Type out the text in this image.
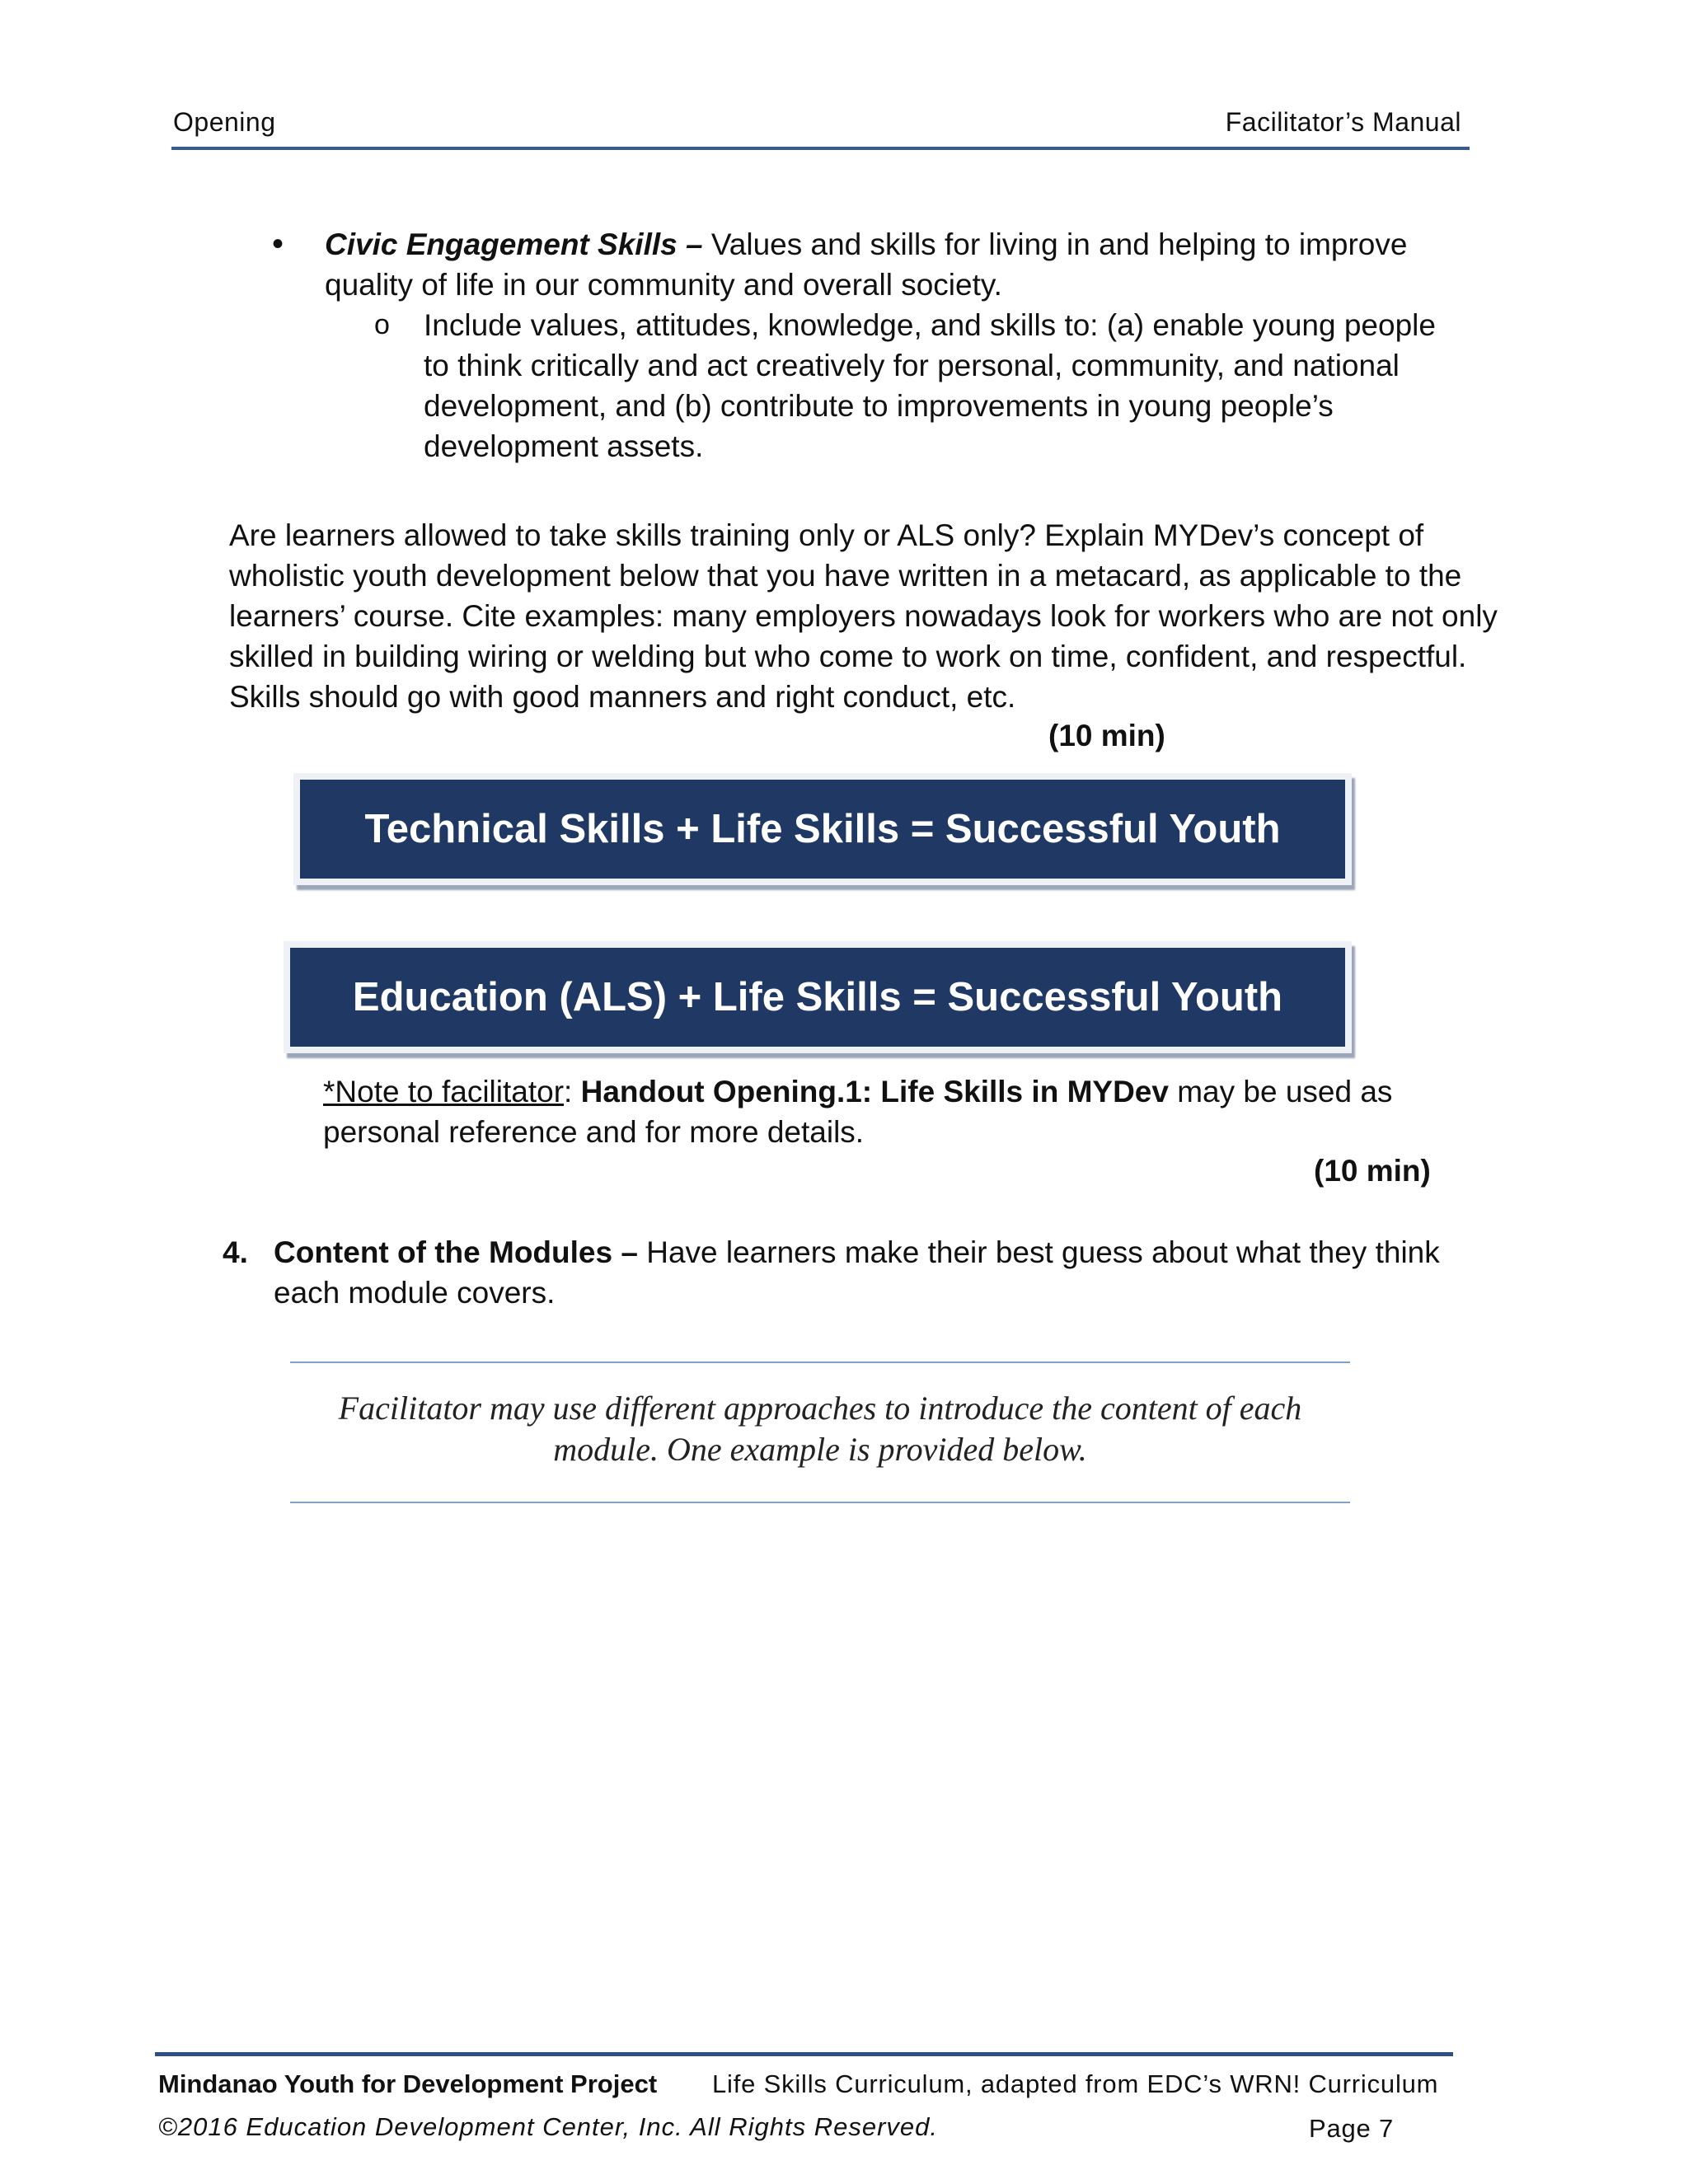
Opening	Facilitator’s Manual
• Civic Engagement Skills – Values and skills for living in and helping to improve quality of life in our community and overall society.
o Include values, attitudes, knowledge, and skills to: (a) enable young people to think critically and act creatively for personal, community, and national development, and (b) contribute to improvements in young people’s development assets.
Are learners allowed to take skills training only or ALS only? Explain MYDev’s concept of wholistic youth development below that you have written in a metacard, as applicable to the learners’ course. Cite examples: many employers nowadays look for workers who are not only skilled in building wiring or welding but who come to work on time, confident, and respectful. Skills should go with good manners and right conduct, etc.
(10 min)
Technical Skills + Life Skills = Successful Youth
Education (ALS) + Life Skills = Successful Youth
*Note to facilitator: Handout Opening.1: Life Skills in MYDev may be used as personal reference and for more details.
(10 min)
4. Content of the Modules – Have learners make their best guess about what they think each module covers.
Facilitator may use different approaches to introduce the content of each module. One example is provided below.
Mindanao Youth for Development Project Life Skills Curriculum, adapted from EDC’s WRN! Curriculum
©2016 Education Development Center, Inc. All Rights Reserved.	Page 7
